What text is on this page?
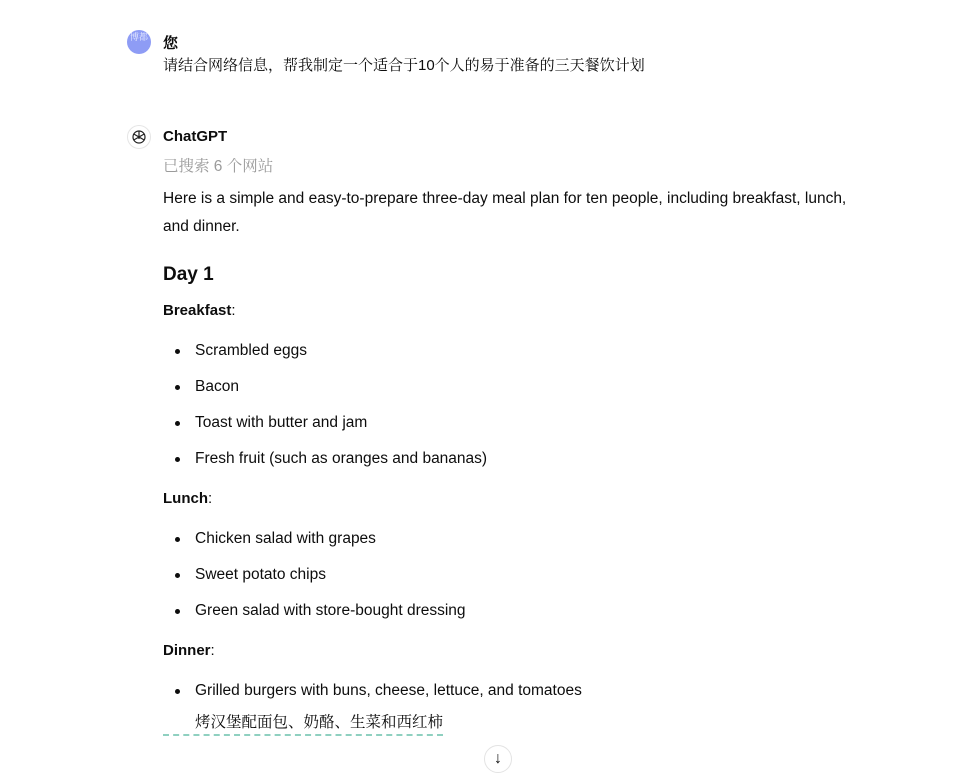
博都 您
请结合网络信息，帮我制定一个适合于10个人的易于准备的三天餐饮计划
ChatGPT
已搜索 6 个网站

Here is a simple and easy-to-prepare three-day meal plan for ten people, including breakfast, lunch, and dinner.

Day 1
Breakfast:
Scrambled eggs
Bacon
Toast with butter and jam
Fresh fruit (such as oranges and bananas)
Lunch:
Chicken salad with grapes
Sweet potato chips
Green salad with store-bought dressing
Dinner:
Grilled burgers with buns, cheese, lettuce, and tomatoes
烤汉堡配面包、奶酪、生菜和西红柿
↓
